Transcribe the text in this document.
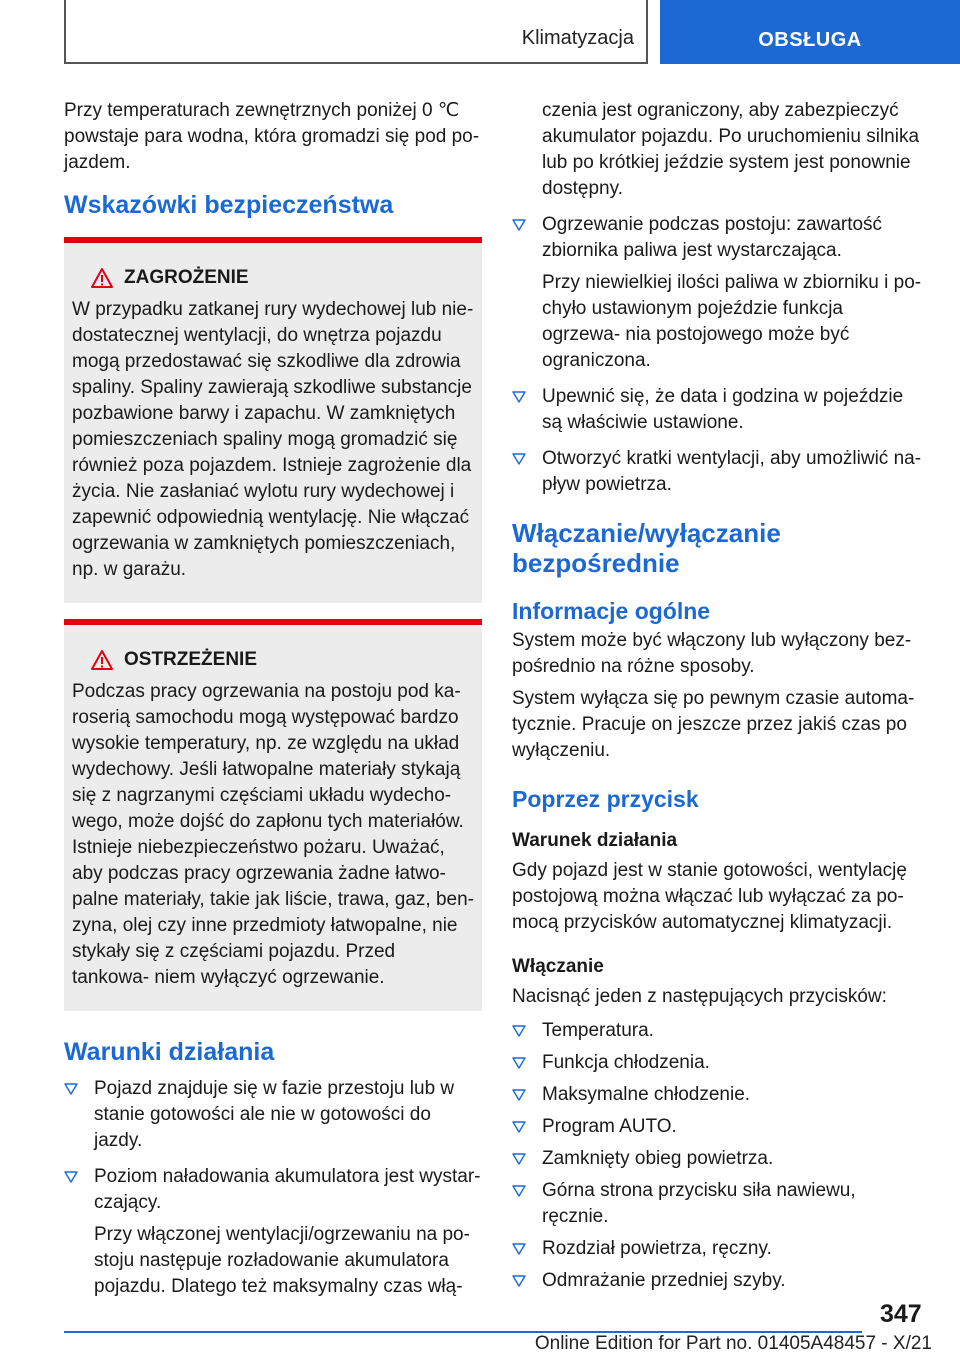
Klimatyzacja	OBSŁUGA

Przy temperaturach zewnętrznych poniżej 0 ℃ powstaje para wodna, która gromadzi się pod po‐ jazdem.

Wskazówki bezpieczeństwa
ZAGROŻENIE

W przypadku zatkanej rury wydechowej lub nie‐ dostatecznej wentylacji, do wnętrza pojazdu mogą przedostawać się szkodliwe dla zdrowia spaliny. Spaliny zawierają szkodliwe substancje pozbawione barwy i zapachu. W zamkniętych pomieszczeniach spaliny mogą gromadzić się również poza pojazdem. Istnieje zagrożenie dla życia. Nie zasłaniać wylotu rury wydechowej i zapewnić odpowiednią wentylację. Nie włączać ogrzewania w zamkniętych pomieszczeniach, np. w garażu.

OSTRZEŻENIE

Podczas pracy ogrzewania na postoju pod ka‐ roserią samochodu mogą występować bardzo wysokie temperatury, np. ze względu na układ wydechowy. Jeśli łatwopalne materiały stykają się z nagrzanymi częściami układu wydecho‐ wego, może dojść do zapłonu tych materiałów. Istnieje niebezpieczeństwo pożaru. Uważać, aby podczas pracy ogrzewania żadne łatwo‐ palne materiały, takie jak liście, trawa, gaz, ben‐ zyna, olej czy inne przedmioty łatwopalne, nie stykały się z częściami pojazdu. Przed tankowa‐ niem wyłączyć ogrzewanie.

Warunki działania

Pojazd znajduje się w fazie przestoju lub w stanie gotowości ale nie w gotowości do jazdy.

Poziom naładowania akumulatora jest wystar‐ czający.

Przy włączonej wentylacji/ogrzewaniu na po‐ stoju następuje rozładowanie akumulatora pojazdu. Dlatego też maksymalny czas włą‐

czenia jest ograniczony, aby zabezpieczyć akumulator pojazdu. Po uruchomieniu silnika lub po krótkiej jeździe system jest ponownie dostępny.

Ogrzewanie podczas postoju: zawartość zbiornika paliwa jest wystarczająca.

Przy niewielkiej ilości paliwa w zbiorniku i po‐ chyło ustawionym pojeździe funkcja ogrzewa‐ nia postojowego może być ograniczona.

Upewnić się, że data i godzina w pojeździe są właściwie ustawione.

Otworzyć kratki wentylacji, aby umożliwić na‐ pływ powietrza.

Włączanie/wyłączanie bezpośrednie
Informacje ogólne

System może być włączony lub wyłączony bez‐ pośrednio na różne sposoby.

System wyłącza się po pewnym czasie automa‐ tycznie. Pracuje on jeszcze przez jakiś czas po wyłączeniu.

Poprzez przycisk
Warunek działania

Gdy pojazd jest w stanie gotowości, wentylację postojową można włączać lub wyłączać za po‐ mocą przycisków automatycznej klimatyzacji.

Włączanie

Nacisnąć jeden z następujących przycisków:

Temperatura.

Funkcja chłodzenia.

Maksymalne chłodzenie.

Program AUTO.

Zamknięty obieg powietrza.

Górna strona przycisku siła nawiewu, ręcznie.

Rozdział powietrza, ręczny.

Odmrażanie przedniej szyby.

347
Online Edition for Part no. 01405A48457 - X/21
